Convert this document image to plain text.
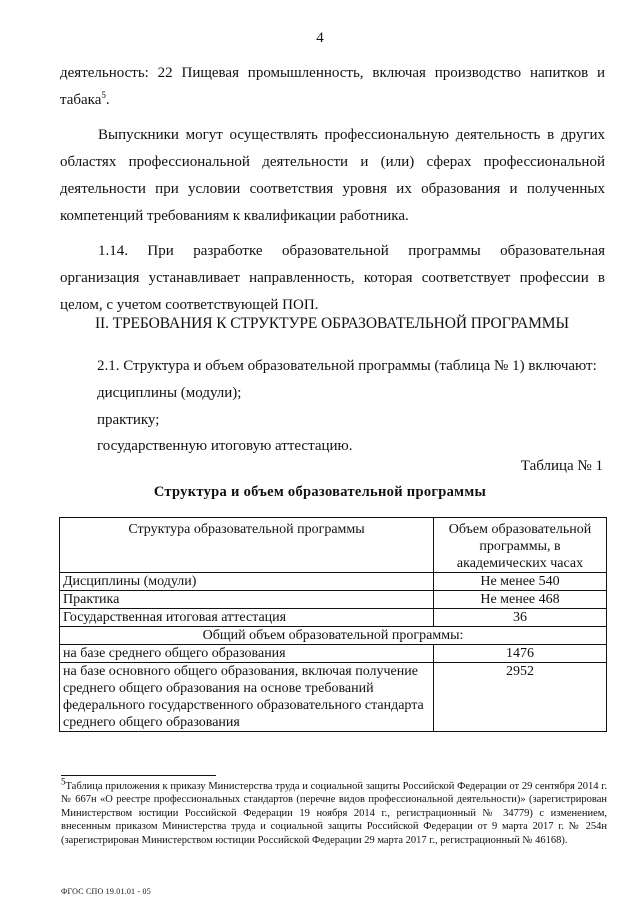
4

деятельность: 22 Пищевая промышленность, включая производство напитков и табака$^5$.

Выпускники могут осуществлять профессиональную деятельность в других областях профессиональной деятельности и (или) сферах профессиональной деятельности при условии соответствия уровня их образования и полученных компетенций требованиям к квалификации работника.

1.14. При разработке образовательной программы образовательная организация устанавливает направленность, которая соответствует профессии в целом, с учетом соответствующей ПОП.

II. ТРЕБОВАНИЯ К СТРУКТУРЕ ОБРАЗОВАТЕЛЬНОЙ ПРОГРАММЫ
2.1. Структура и объем образовательной программы (таблица № 1) включают:
дисциплины (модули);
практику;
государственную итоговую аттестацию.
Таблица № 1
Структура и объем образовательной программы
Структура образовательной программы	Объем образовательной программы, в академических часах
Дисциплины (модули)	Не менее 540
Практика	Не менее 468
Государственная итоговая аттестация	36
Общий объем образовательной программы:	
на базе среднего общего образования	1476
на базе основного общего образования, включая получение среднего общего образования на основе требований федерального государственного образовательного стандарта среднего общего образования	2952
$^5$Таблица приложения к приказу Министерства труда и социальной защиты Российской Федерации от 29 сентября 2014 г. № 667н «О реестре профессиональных стандартов (перечне видов профессиональной деятельности)» (зарегистрирован Министерством юстиции Российской Федерации 19 ноября 2014 г., регистрационный № 34779) с изменением, внесенным приказом Министерства труда и социальной защиты Российской Федерации от 9 марта 2017 г. № 254н (зарегистрирован Министерством юстиции Российской Федерации 29 марта 2017 г., регистрационный № 46168).
ФГОС СПО 19.01.01 - 05
